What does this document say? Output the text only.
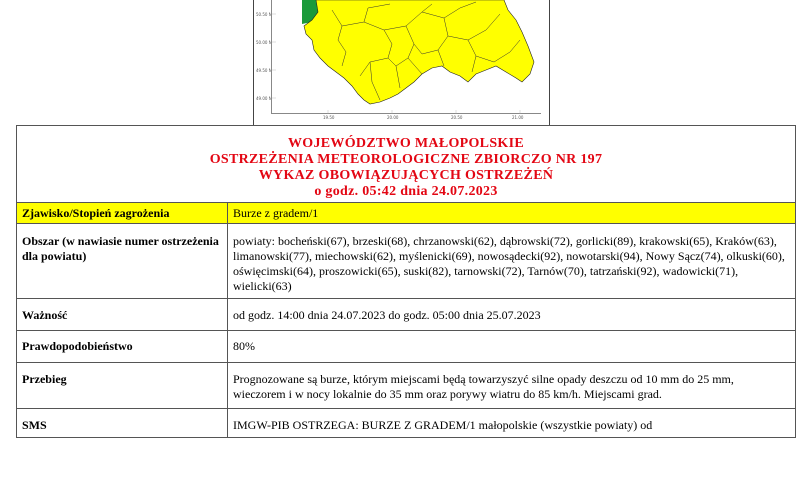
50.50 N
50.00 N
49.50 N
49.00 N
19.50	20.00	20.50	21.00
WOJEWÓDZTWO MAŁOPOLSKIE
OSTRZEŻENIA METEOROLOGICZNE ZBIORCZO NR 197
WYKAZ OBOWIĄZUJĄCYCH OSTRZEŻEŃ
o godz. 05:42 dnia 24.07.2023	

Zjawisko/Stopień zagrożenia	Burze z gradem/1
Obszar (w nawiasie numer ostrzeżenia dla powiatu)	powiaty: bocheński(67), brzeski(68), chrzanowski(62), dąbrowski(72), gorlicki(89), krakowski(65), Kraków(63), limanowski(77), miechowski(62), myślenicki(69), nowosądecki(92), nowotarski(94), Nowy Sącz(74), olkuski(60), oświęcimski(64), proszowicki(65), suski(82), tarnowski(72), Tarnów(70), tatrzański(92), wadowicki(71), wielicki(63)
Ważność	od godz. 14:00 dnia 24.07.2023 do godz. 05:00 dnia 25.07.2023
Prawdopodobieństwo	80%
Przebieg	Prognozowane są burze, którym miejscami będą towarzyszyć silne opady deszczu od 10 mm do 25 mm, wieczorem i w nocy lokalnie do 35 mm oraz porywy wiatru do 85 km/h. Miejscami grad.
SMS	IMGW-PIB OSTRZEGA: BURZE Z GRADEM/1 małopolskie (wszystkie powiaty) od
